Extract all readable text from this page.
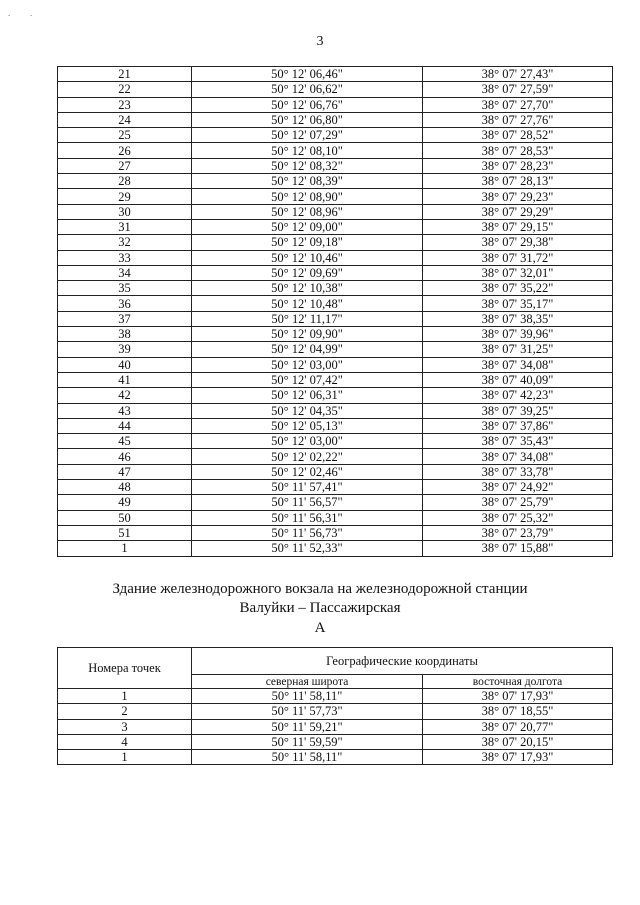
. .
3
21	50° 12' 06,46"	38° 07' 27,43"
22	50° 12' 06,62"	38° 07' 27,59"
23	50° 12' 06,76"	38° 07' 27,70"
24	50° 12' 06,80"	38° 07' 27,76"
25	50° 12' 07,29"	38° 07' 28,52"
26	50° 12' 08,10"	38° 07' 28,53"
27	50° 12' 08,32"	38° 07' 28,23"
28	50° 12' 08,39"	38° 07' 28,13"
29	50° 12' 08,90"	38° 07' 29,23"
30	50° 12' 08,96"	38° 07' 29,29"
31	50° 12' 09,00"	38° 07' 29,15"
32	50° 12' 09,18"	38° 07' 29,38"
33	50° 12' 10,46"	38° 07' 31,72"
34	50° 12' 09,69"	38° 07' 32,01"
35	50° 12' 10,38"	38° 07' 35,22"
36	50° 12' 10,48"	38° 07' 35,17"
37	50° 12' 11,17"	38° 07' 38,35"
38	50° 12' 09,90"	38° 07' 39,96"
39	50° 12' 04,99"	38° 07' 31,25"
40	50° 12' 03,00"	38° 07' 34,08"
41	50° 12' 07,42"	38° 07' 40,09"
42	50° 12' 06,31"	38° 07' 42,23"
43	50° 12' 04,35"	38° 07' 39,25"
44	50° 12' 05,13"	38° 07' 37,86"
45	50° 12' 03,00"	38° 07' 35,43"
46	50° 12' 02,22"	38° 07' 34,08"
47	50° 12' 02,46"	38° 07' 33,78"
48	50° 11' 57,41"	38° 07' 24,92"
49	50° 11' 56,57"	38° 07' 25,79"
50	50° 11' 56,31"	38° 07' 25,32"
51	50° 11' 56,73"	38° 07' 23,79"
1	50° 11' 52,33"	38° 07' 15,88"
Здание железнодорожного вокзала на железнодорожной станции
Валуйки – Пассажирская
А
Номера точек	Географические координаты	
	северная широта	восточная долгота
1	50° 11' 58,11"	38° 07' 17,93"
2	50° 11' 57,73"	38° 07' 18,55"
3	50° 11' 59,21"	38° 07' 20,77"
4	50° 11' 59,59"	38° 07' 20,15"
1	50° 11' 58,11"	38° 07' 17,93"
